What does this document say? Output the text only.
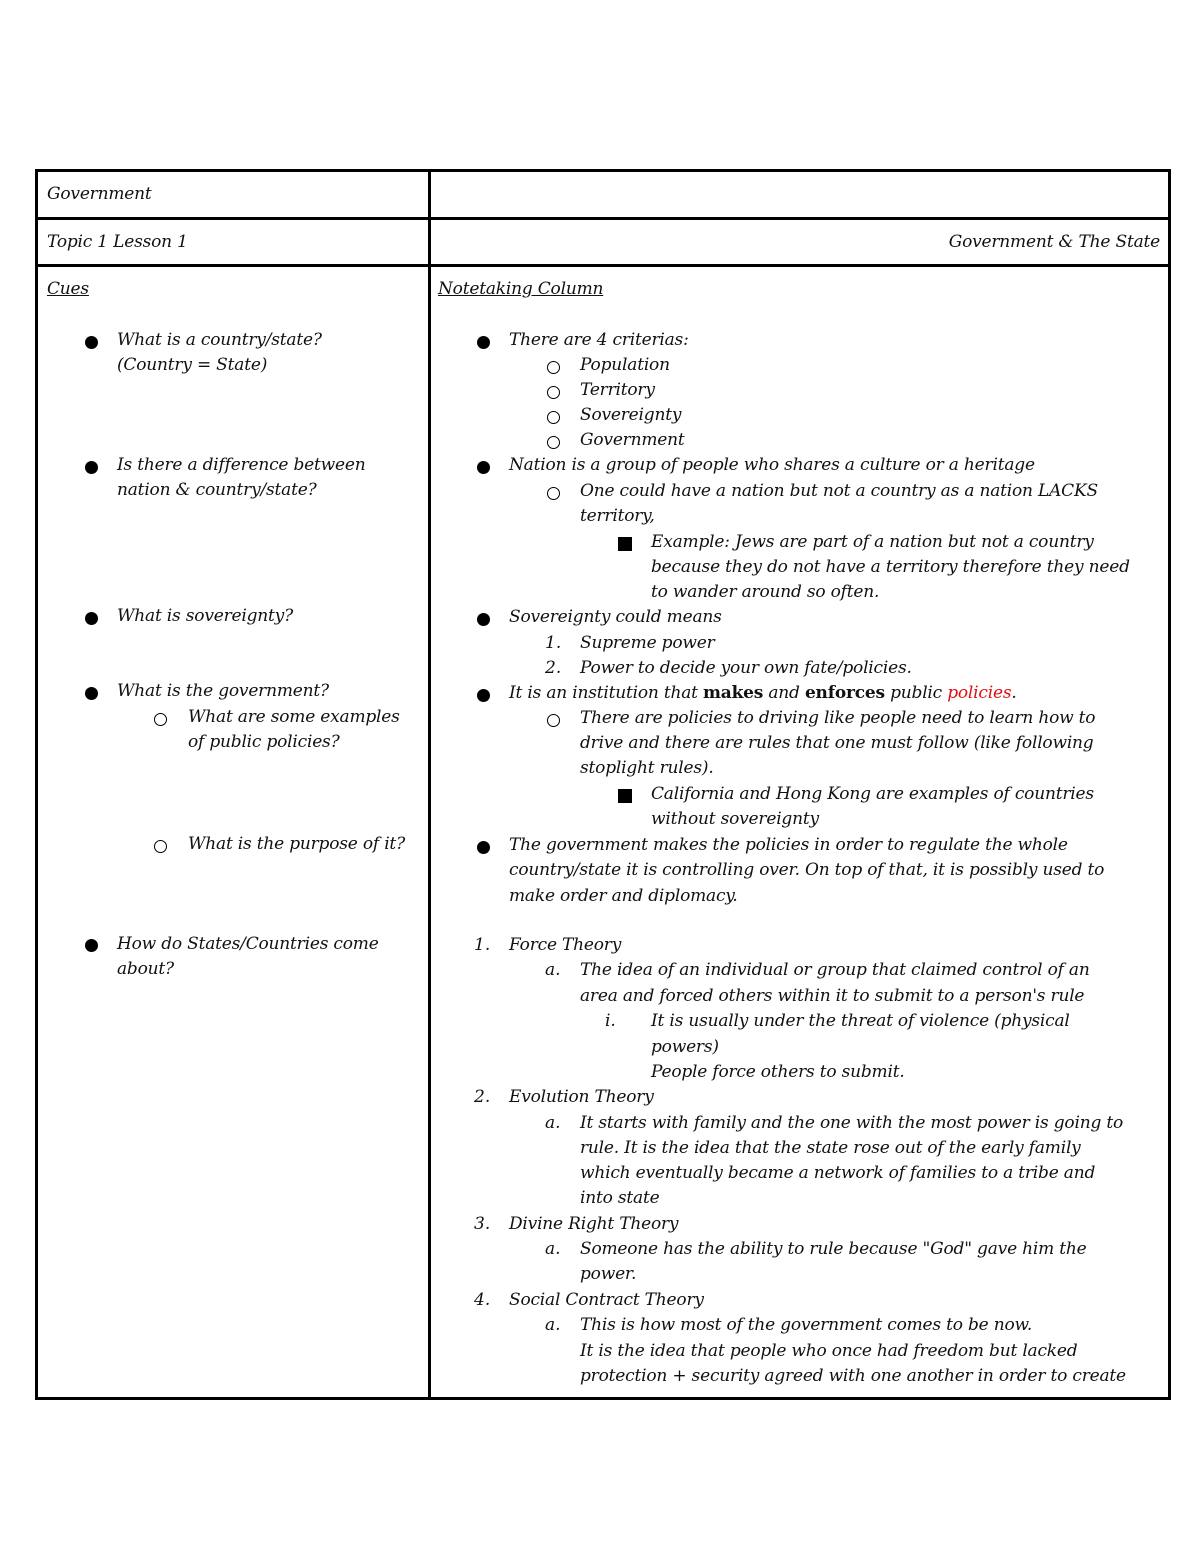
Government
Topic 1 Lesson 1	Government & The State
Cues	Notetaking Column
What is a country/state?
(Country = State)
Is there a difference between
nation & country/state?
What is sovereignty?
What is the government?
What are some examples
of public policies?
What is the purpose of it?
How do States/Countries come
about?
There are 4 criterias:
Population
Territory
Sovereignty
Government
Nation is a group of people who shares a culture or a heritage
One could have a nation but not a country as a nation LACKS
territory,
Example: Jews are part of a nation but not a country
because they do not have a territory therefore they need
to wander around so often.
Sovereignty could means
1. Supreme power
2. Power to decide your own fate/policies.
It is an institution that makes and enforces public policies.
There are policies to driving like people need to learn how to
drive and there are rules that one must follow (like following
stoplight rules).
California and Hong Kong are examples of countries
without sovereignty
The government makes the policies in order to regulate the whole
country/state it is controlling over. On top of that, it is possibly used to
make order and diplomacy.
1. Force Theory
a. The idea of an individual or group that claimed control of an
area and forced others within it to submit to a person's rule
i. It is usually under the threat of violence (physical
powers)
People force others to submit.
2. Evolution Theory
a. It starts with family and the one with the most power is going to
rule. It is the idea that the state rose out of the early family
which eventually became a network of families to a tribe and
into state
3. Divine Right Theory
a. Someone has the ability to rule because "God" gave him the
power.
4. Social Contract Theory
a. This is how most of the government comes to be now.
It is the idea that people who once had freedom but lacked
protection + security agreed with one another in order to create
